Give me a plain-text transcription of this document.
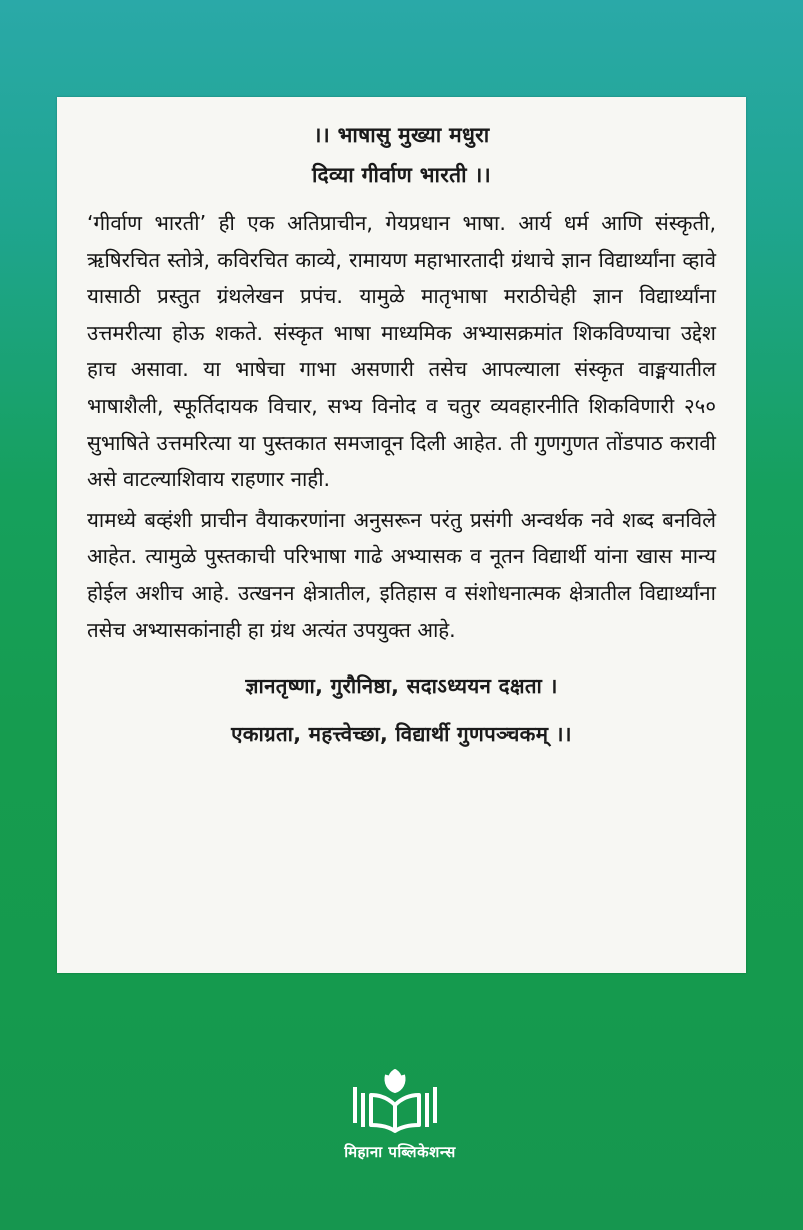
।। भाषासु मुख्या मधुरा
दिव्या गीर्वाण भारती ।।

‘गीर्वाण भारती’ ही एक अतिप्राचीन, गेयप्रधान भाषा. आर्य धर्म आणि संस्कृती, ऋषिरचित स्तोत्रे, कविरचित काव्ये, रामायण महाभारतादी ग्रंथाचे ज्ञान विद्यार्थ्यांना व्हावे यासाठी प्रस्तुत ग्रंथलेखन प्रपंच. यामुळे मातृभाषा मराठीचेही ज्ञान विद्यार्थ्यांना उत्तमरीत्या होऊ शकते. संस्कृत भाषा माध्यमिक अभ्यासक्रमांत शिकविण्याचा उद्देश हाच असावा. या भाषेचा गाभा असणारी तसेच आपल्याला संस्कृत वाङ्मयातील भाषाशैली, स्फूर्तिदायक विचार, सभ्य विनोद व चतुर व्यवहारनीति शिकविणारी २५० सुभाषिते उत्तमरित्या या पुस्तकात समजावून दिली आहेत. ती गुणगुणत तोंडपाठ करावी असे वाटल्याशिवाय राहणार नाही.

यामध्ये बव्हंशी प्राचीन वैयाकरणांना अनुसरून परंतु प्रसंगी अन्वर्थक नवे शब्द बनविले आहेत. त्यामुळे पुस्तकाची परिभाषा गाढे अभ्यासक व नूतन विद्यार्थी यांना खास मान्य होईल अशीच आहे. उत्खनन क्षेत्रातील, इतिहास व संशोधनात्मक क्षेत्रातील विद्यार्थ्यांना तसेच अभ्यासकांनाही हा ग्रंथ अत्यंत उपयुक्त आहे.

ज्ञानतृष्णा, गुरौनिष्ठा, सदाऽध्ययन दक्षता ।
एकाग्रता, महत्त्वेच्छा, विद्यार्थी गुणपञ्चकम् ।।
मिहाना पब्लिकेशन्स
